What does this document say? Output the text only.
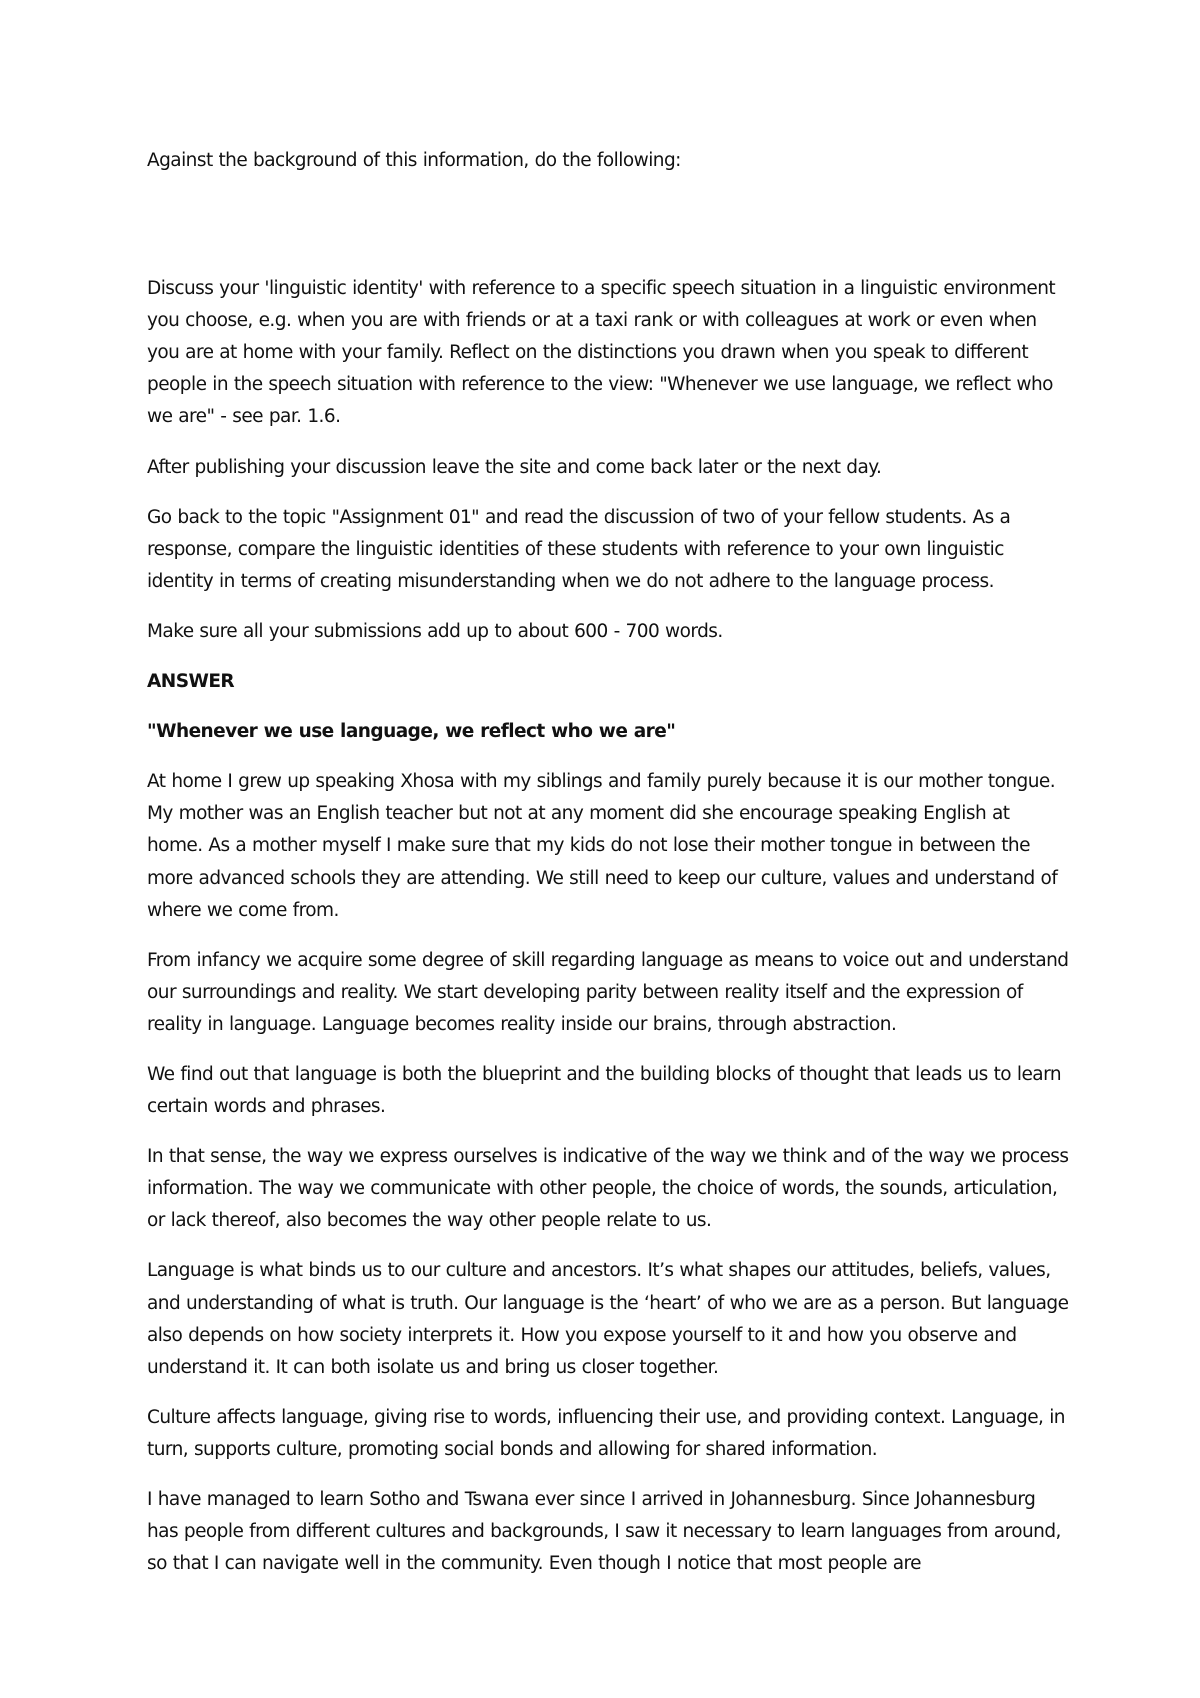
Against the background of this information, do the following:

Discuss your 'linguistic identity' with reference to a specific speech situation in a linguistic environment you choose, e.g. when you are with friends or at a taxi rank or with colleagues at work or even when you are at home with your family. Reflect on the distinctions you drawn when you speak to different people in the speech situation with reference to the view: "Whenever we use language, we reflect who we are" - see par. 1.6.

After publishing your discussion leave the site and come back later or the next day.

Go back to the topic "Assignment 01" and read the discussion of two of your fellow students. As a response, compare the linguistic identities of these students with reference to your own linguistic identity in terms of creating misunderstanding when we do not adhere to the language process.

Make sure all your submissions add up to about 600 - 700 words.

ANSWER

"Whenever we use language, we reflect who we are"

At home I grew up speaking Xhosa with my siblings and family purely because it is our mother tongue. My mother was an English teacher but not at any moment did she encourage speaking English at home. As a mother myself I make sure that my kids do not lose their mother tongue in between the more advanced schools they are attending. We still need to keep our culture, values and understand of where we come from.

From infancy we acquire some degree of skill regarding language as means to voice out and understand our surroundings and reality. We start developing parity between reality itself and the expression of reality in language. Language becomes reality inside our brains, through abstraction.

We find out that language is both the blueprint and the building blocks of thought that leads us to learn certain words and phrases.

In that sense, the way we express ourselves is indicative of the way we think and of the way we process information. The way we communicate with other people, the choice of words, the sounds, articulation, or lack thereof, also becomes the way other people relate to us.

Language is what binds us to our culture and ancestors. It’s what shapes our attitudes, beliefs, values, and understanding of what is truth. Our language is the ‘heart’ of who we are as a person. But language also depends on how society interprets it. How you expose yourself to it and how you observe and understand it. It can both isolate us and bring us closer together.

Culture affects language, giving rise to words, influencing their use, and providing context. Language, in turn, supports culture, promoting social bonds and allowing for shared information.

I have managed to learn Sotho and Tswana ever since I arrived in Johannesburg. Since Johannesburg has people from different cultures and backgrounds, I saw it necessary to learn languages from around, so that I can navigate well in the community. Even though I notice that most people are
